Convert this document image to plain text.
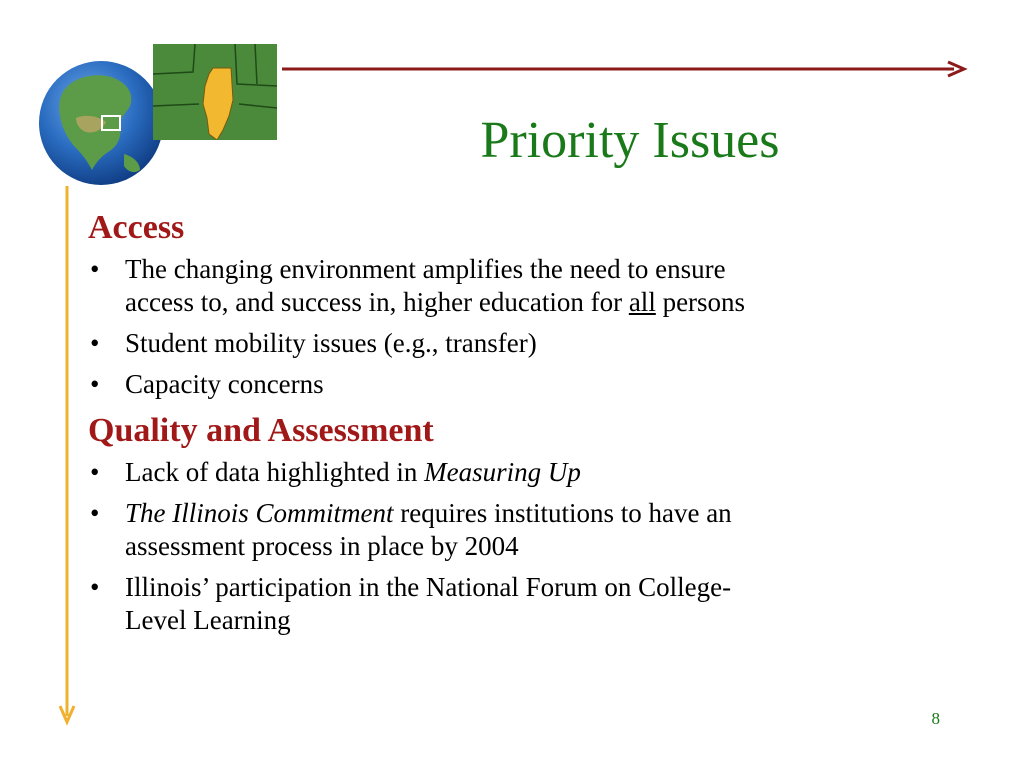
Priority Issues
Access
• The changing environment amplifies the need to ensure
access to, and success in, higher education for all persons
• Student mobility issues (e.g., transfer)
• Capacity concerns
Quality and Assessment
• Lack of data highlighted in Measuring Up
• The Illinois Commitment requires institutions to have an
assessment process in place by 2004
• Illinois’ participation in the National Forum on College-
Level Learning
8
